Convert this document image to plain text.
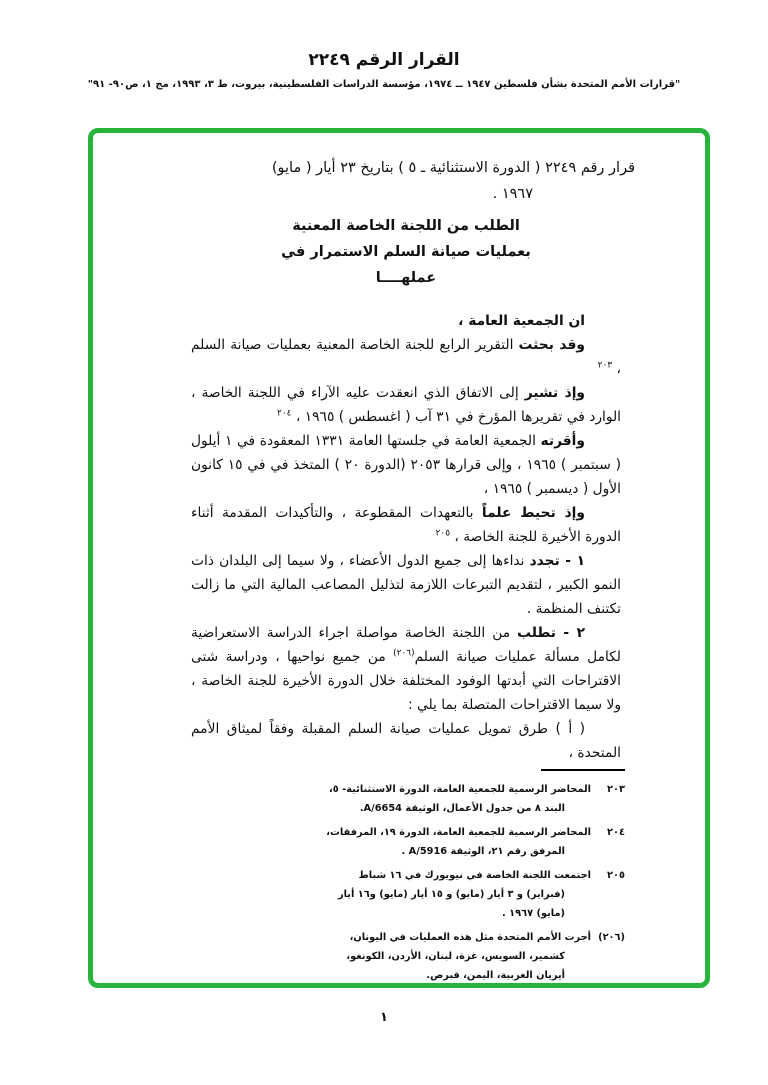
القرار الرقم ٢٢٤٩
"قرارات الأمم المتحدة بشأن فلسطين ١٩٤٧ ــ ١٩٧٤، مؤسسة الدراسات الفلسطينية، بيروت، ط ٣، ١٩٩٣، مج ١، ص٩٠- ٩١"
قرار رقم ٢٢٤٩ ( الدورة الاستثنائية ـ ٥ ) بتاريخ ٢٣ أيار ( مايو)
١٩٦٧ .
الطلب من اللجنة الخاصة المعنية
بعمليات صيانة السلم الاستمرار في
عملهــــا

ان الجمعية العامة ،

وقد بحثت التقرير الرابع للجنة الخاصة المعنية بعمليات صيانة السلم ، $^{٢٠٣}$

وإذ تشير إلى الاتفاق الذي انعقدت عليه الآراء في اللجنة الخاصة ، الوارد في تقريرها المؤرخ في ٣١ آب ( اغسطس ) ١٩٦٥ ، $^{٢٠٤}$

وأقرته الجمعية العامة في جلستها العامة ١٣٣١ المعقودة في ١ أيلول ( سبتمبر ) ١٩٦٥ ، وإلى قرارها ٢٠٥٣ (الدورة ٢٠ ) المتخذ في في ١٥ كانون الأول ( ديسمبر ) ١٩٦٥ ،

وإذ تحيط علماً بالتعهدات المقطوعة ، والتأكيدات المقدمة أثناء الدورة الأخيرة للجنة الخاصة ، $^{٢٠٥}$

١ - تجدد نداءها إلى جميع الدول الأعضاء ، ولا سيما إلى البلدان ذات النمو الكبير ، لتقديم التبرعات اللازمة لتذليل المصاعب المالية التي ما زالت تكتنف المنظمة .

٢ - تطلب من اللجنة الخاصة مواصلة اجراء الدراسة الاستعراضية لكامل مسألة عمليات صيانة السلم$^{(٢٠٦)}$ من جميع نواحيها ، ودراسة شتى الاقتراحات التي أبدتها الوفود المختلفة خلال الدورة الأخيرة للجنة الخاصة ، ولا سيما الاقتراحات المتصلة بما يلي :

( أ ) طرق تمويل عمليات صيانة السلم المقبلة وفقاً لميثاق الأمم المتحدة ،

٢٠٣
المحاضر الرسمية للجمعية العامة، الدورة الاستثنائية- ٥، البند ٨ من جدول الأعمال، الوثيقة A/6654.
٢٠٤
المحاضر الرسمية للجمعية العامة، الدورة ١٩، المرفقات، المرفق رقم ٢١، الوثيقة A/5916 .
٢٠٥
اجتمعت اللجنة الخاصة في نيويورك في ١٦ شباط (فبراير) و ٣ أيار (مايو) و ١٥ أيار (مايو) و١٦ أيار (مايو) ١٩٦٧ .
(٢٠٦)
أجرت الأمم المتحدة مثل هذه العمليات في اليونان، كشمير، السويس، غزة، لبنان، الأردن، الكونغو، أيريان الغربية، اليمن، قبرص.
١
